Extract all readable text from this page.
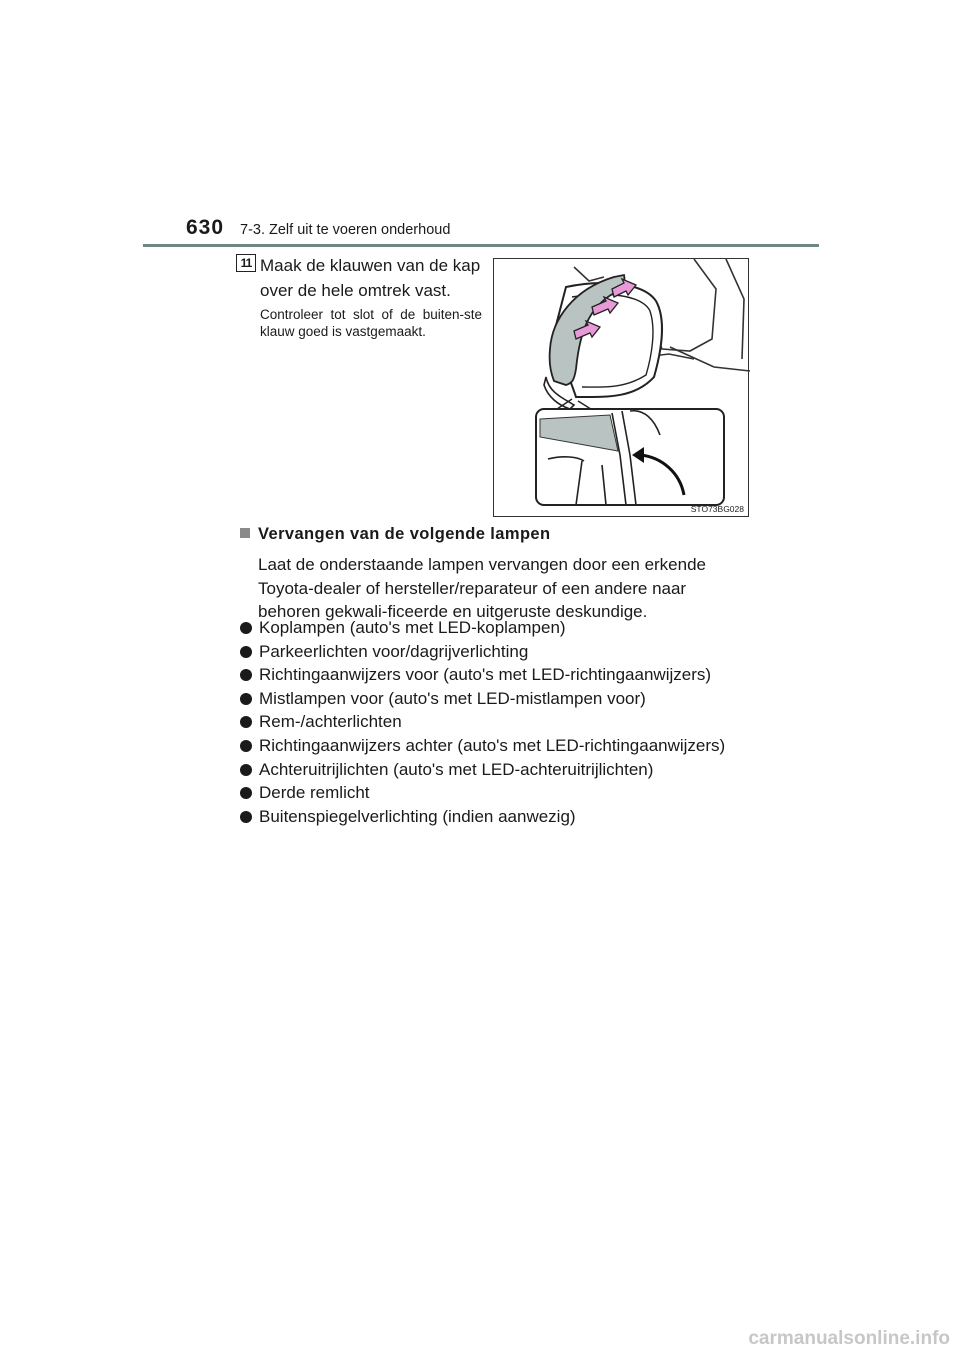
630 7-3. Zelf uit te voeren onderhoud
11 Maak de klauwen van de kap over de hele omtrek vast.
Controleer tot slot of de buiten-ste klauw goed is vastgemaakt.
STO73BG028
Vervangen van de volgende lampen
Laat de onderstaande lampen vervangen door een erkende Toyota-dealer of hersteller/reparateur of een andere naar behoren gekwali-ficeerde en uitgeruste deskundige.
Koplampen (auto's met LED-koplampen)
Parkeerlichten voor/dagrijverlichting
Richtingaanwijzers voor (auto's met LED-richtingaanwijzers)
Mistlampen voor (auto's met LED-mistlampen voor)
Rem-/achterlichten
Richtingaanwijzers achter (auto's met LED-richtingaanwijzers)
Achteruitrijlichten (auto's met LED-achteruitrijlichten)
Derde remlicht
Buitenspiegelverlichting (indien aanwezig)
carmanualsonline.info
